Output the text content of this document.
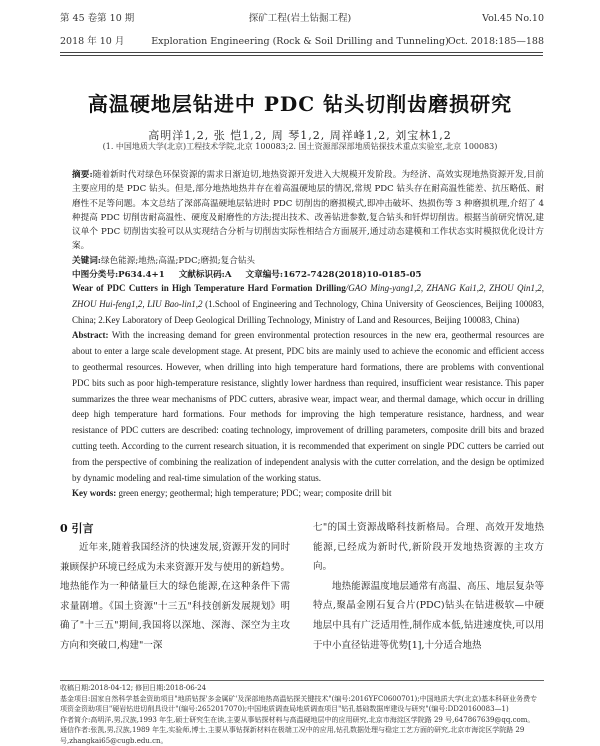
第 45 卷第 10 期
2018 年 10 月
探矿工程(岩土钻掘工程)
Exploration Engineering (Rock & Soil Drilling and Tunneling)
Vol.45 No.10
Oct. 2018:185—188
高温硬地层钻进中 PDC 钻头切削齿磨损研究
高明洋1,2, 张 恺1,2, 周 琴1,2, 周祥峰1,2, 刘宝林1,2
(1. 中国地质大学(北京)工程技术学院,北京 100083;2. 国土资源部深部地质钻探技术重点实验室,北京 100083)

摘要:随着新时代对绿色环保资源的需求日渐迫切,地热资源开发进入大规模开发阶段。为经济、高效实现地热资源开发,目前主要应用的是 PDC 钻头。但是,部分地热地热井存在着高温硬地层的情况,常规 PDC 钻头存在耐高温性能差、抗压略低、耐磨性不足等问题。本文总结了深部高温硬地层钻进时 PDC 切削齿的磨损模式,即冲击破坏、热损伤等 3 种磨损机理,介绍了 4 种提高 PDC 切削齿耐高温性、硬度及耐磨性的方法;提出技术、改善钻进参数,复合钻头和钎焊切削齿。根据当前研究情况,建议单个 PDC 切削齿实验可以从实现结合分析与切削齿实际性相结合方面展开,通过动态建模和工作状态实时模拟优化设计方案。

关键词:绿色能源;地热;高温;PDC;磨损;复合钻头

中图分类号:P634.4+1 文献标识码:A 文章编号:1672-7428(2018)10-0185-05

Wear of PDC Cutters in High Temperature Hard Formation Drilling/GAO Ming-yang1,2, ZHANG Kai1,2, ZHOU Qin1,2, ZHOU Hui-feng1,2, LIU Bao-lin1,2 (1.School of Engineering and Technology, China University of Geosciences, Beijing 100083, China; 2.Key Laboratory of Deep Geological Drilling Technology, Ministry of Land and Resources, Beijing 100083, China)

Abstract: With the increasing demand for green environmental protection resources in the new era, geothermal resources are about to enter a large scale development stage. At present, PDC bits are mainly used to achieve the economic and efficient access to geothermal resources. However, when drilling into high temperature hard formations, there are problems with conventional PDC bits such as poor high-temperature resistance, slightly lower hardness than required, insufficient wear resistance. This paper summarizes the three wear mechanisms of PDC cutters, abrasive wear, impact wear, and thermal damage, which occur in drilling deep high temperature hard formations. Four methods for improving the high temperature resistance, hardness, and wear resistance of PDC cutters are described: coating technology, improvement of drilling parameters, composite drill bits and brazed cutting teeth. According to the current research situation, it is recommended that experiment on single PDC cutters be carried out from the perspective of combining the realization of independent analysis with the cutter correlation, and the design be optimized by dynamic modeling and real-time simulation of the working status.

Key words: green energy; geothermal; high temperature; PDC; wear; composite drill bit

0 引言

近年来,随着我国经济的快速发展,资源开发的同时兼顾保护环境已经成为未来资源开发与使用的新趋势。地热能作为一种储量巨大的绿色能源,在这种条件下需求量剧增。《国土资源"十三五"科技创新发展规划》明确了"十三五"期间,我国将以深地、深海、深空为主攻方向和突破口,构建"一深

七"的国土资源战略科技新格局。合理、高效开发地热能源,已经成为新时代,新阶段开发地热资源的主攻方向。

地热能源温度地层通常有高温、高压、地层复杂等特点,聚晶金刚石复合片(PDC)钻头在钻进极软—中硬地层中具有广泛适用性,制作成本低,钻进速度快,可以用于中小直径钻进等优势[1],十分适合地热

收稿日期:2018-04-12; 修回日期:2018-06-24

基金项目:国家自然科学基金资助项目"地质钻探'多金属矿'及深部地热高温钻探关键技术"(编号:2016YFC0600701);中国地质大学(北京)基本科研业务费专项资金资助项目"硬岩钻进切削具设计"(编号:2652017070);中国地质调查局地质调查项目"钻孔基础数据库建设与研究"(编号:DD20160083—1)

作者简介:高明洋,男,汉族,1993 年生,硕士研究生在读,主要从事钻探材料与高温硬地层中的应用研究,北京市海淀区学院路 29 号,647867639@qq.com。

通信作者:张凯,男,汉族,1989 年生,实验师,博士,主要从事钻探新材料在极端工况中的应用,钻孔数据处理与稳定工艺方面的研究,北京市海淀区学院路 29 号,zhangkai65@cugb.edu.cn。
